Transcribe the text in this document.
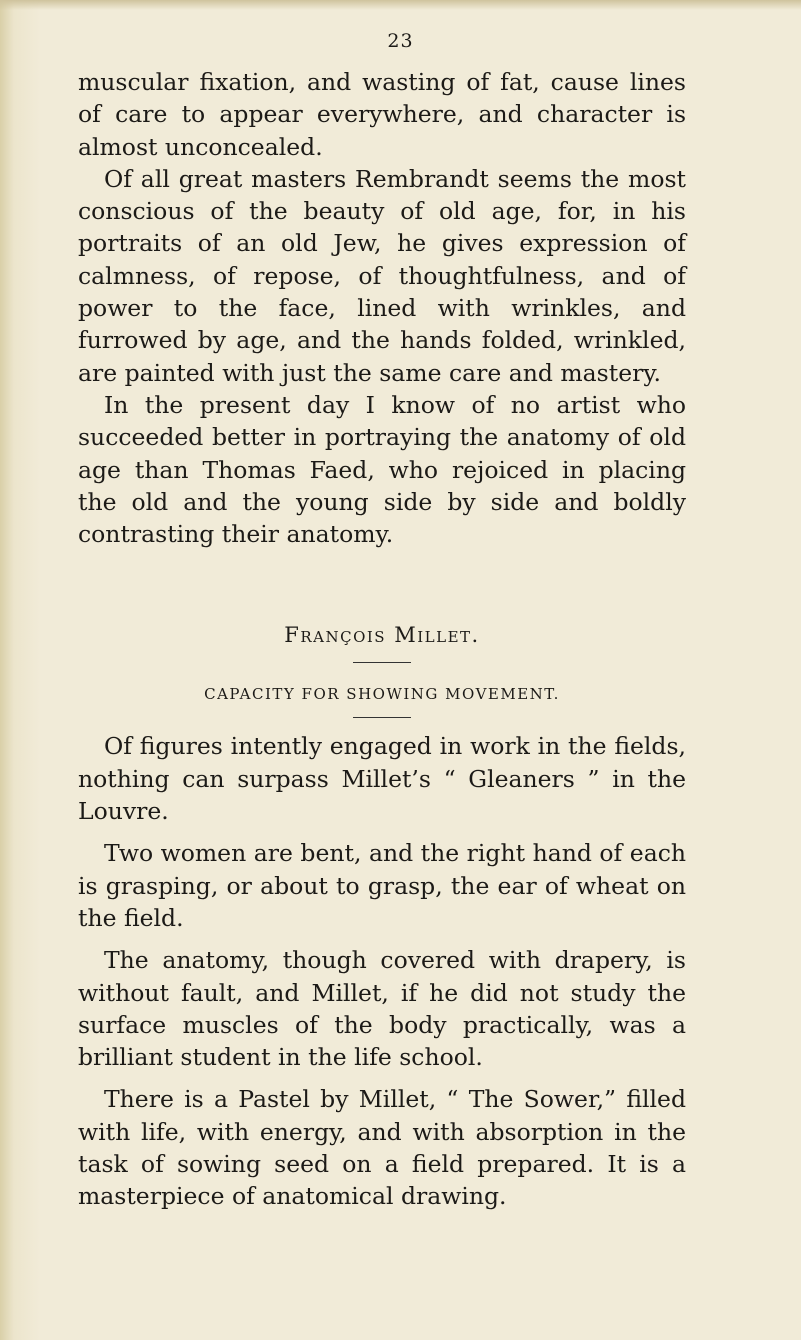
23

muscular fixation, and wasting of fat, cause lines of care to appear everywhere, and character is almost unconcealed.

Of all great masters Rembrandt seems the most conscious of the beauty of old age, for, in his portraits of an old Jew, he gives expression of calmness, of repose, of thoughtfulness, and of power to the face, lined with wrinkles, and furrowed by age, and the hands folded, wrinkled, are painted with just the same care and mastery.

In the present day I know of no artist who succeeded better in portraying the anatomy of old age than Thomas Faed, who rejoiced in placing the old and the young side by side and boldly contrasting their anatomy.

François Millet.
CAPACITY FOR SHOWING MOVEMENT.

Of figures intently engaged in work in the fields, nothing can surpass Millet’s “ Gleaners ” in the Louvre.

Two women are bent, and the right hand of each is grasping, or about to grasp, the ear of wheat on the field.

The anatomy, though covered with drapery, is without fault, and Millet, if he did not study the surface muscles of the body practically, was a brilliant student in the life school.

There is a Pastel by Millet, “ The Sower,” filled with life, with energy, and with absorption in the task of sowing seed on a field prepared. It is a masterpiece of anatomical drawing.
